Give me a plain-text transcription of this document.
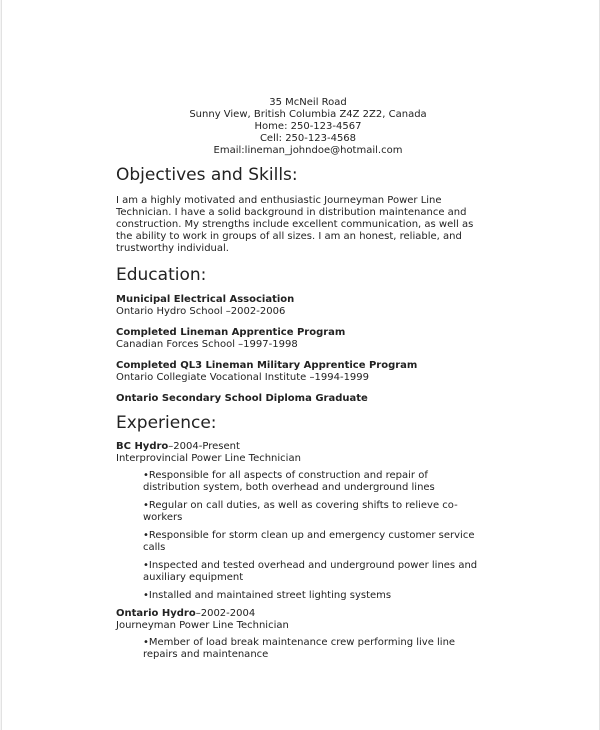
35 McNeil Road
Sunny View, British Columbia Z4Z 2Z2, Canada
Home: 250-123-4567
Cell: 250-123-4568
Email:lineman_johndoe@hotmail.com
Objectives and Skills:

I am a highly motivated and enthusiastic Journeyman Power Line Technician. I have a solid background in distribution maintenance and construction. My strengths include excellent communication, as well as the ability to work in groups of all sizes. I am an honest, reliable, and trustworthy individual.

Education:
Municipal Electrical Association
Ontario Hydro School –2002-2006
Completed Lineman Apprentice Program
Canadian Forces School –1997-1998
Completed QL3 Lineman Military Apprentice Program
Ontario Collegiate Vocational Institute –1994-1999
Ontario Secondary School Diploma Graduate
Experience:
BC Hydro–2004-Present
Interprovincial Power Line Technician
•Responsible for all aspects of construction and repair of distribution system, both overhead and underground lines
•Regular on call duties, as well as covering shifts to relieve co-workers
•Responsible for storm clean up and emergency customer service calls
•Inspected and tested overhead and underground power lines and auxiliary equipment
•Installed and maintained street lighting systems
Ontario Hydro–2002-2004
Journeyman Power Line Technician
•Member of load break maintenance crew performing live line repairs and maintenance
